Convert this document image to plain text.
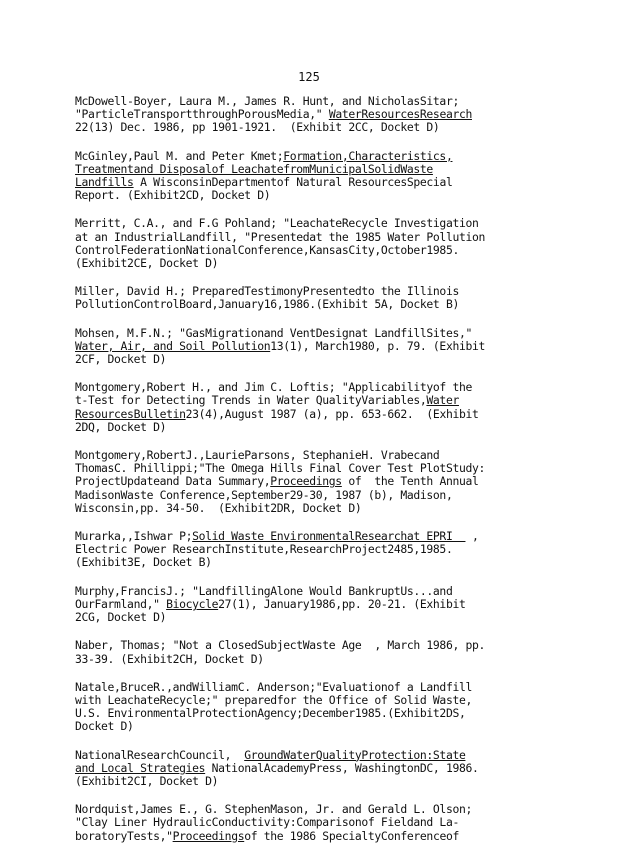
125
McDowell-Boyer, Laura M., James R. Hunt, and NicholasSitar;
"ParticleTransportthroughPorousMedia," WaterResourcesResearch
22(13) Dec. 1986, pp 1901-1921.  (Exhibit 2CC, Docket D)
McGinley,Paul M. and Peter Kmet;Formation,Characteristics,
Treatmentand Disposalof LeachatefromMunicipalSolidWaste
Landfills A WisconsinDepartmentof Natural ResourcesSpecial
Report. (Exhibit2CD, Docket D)
Merritt, C.A., and F.G Pohland; "LeachateRecycle Investigation
at an IndustrialLandfill, "Presentedat the 1985 Water Pollution
ControlFederationNationalConference,KansasCity,October1985.
(Exhibit2CE, Docket D)
Miller, David H.; PreparedTestimonyPresentedto the Illinois
PollutionControlBoard,January16,1986.(Exhibit 5A, Docket B)
Mohsen, M.F.N.; "GasMigrationand VentDesignat LandfillSites,"
Water, Air, and Soil Pollution13(1), March1980, p. 79. (Exhibit
2CF, Docket D)
Montgomery,Robert H., and Jim C. Loftis; "Applicabilityof the
t-Test for Detecting Trends in Water QualityVariables,Water
ResourcesBulletin23(4),August 1987 (a), pp. 653-662.  (Exhibit
2DQ, Docket D)
Montgomery,RobertJ.,LaurieParsons, StephanieH. Vrabecand
ThomasC. Phillippi;"The Omega Hills Final Cover Test PlotStudy:
ProjectUpdateand Data Summary,Proceedings of  the Tenth Annual
MadisonWaste Conference,September29-30, 1987 (b), Madison,
Wisconsin,pp. 34-50.  (Exhibit2DR, Docket D)
Murarka,,Ishwar P;Solid Waste EnvironmentalResearchat EPRI   ,
Electric Power ResearchInstitute,ResearchProject2485,1985.
(Exhibit3E, Docket B)
Murphy,FrancisJ.; "LandfillingAlone Would BankruptUs...and
OurFarmland," Biocycle27(1), January1986,pp. 20-21. (Exhibit
2CG, Docket D)
Naber, Thomas; "Not a ClosedSubjectWaste Age  , March 1986, pp.
33-39. (Exhibit2CH, Docket D)
Natale,BruceR.,andWilliamC. Anderson;"Evaluationof a Landfill
with LeachateRecycle;" preparedfor the Office of Solid Waste,
U.S. EnvironmentalProtectionAgency;December1985.(Exhibit2DS,
Docket D)
NationalResearchCouncil,  GroundWaterQualityProtection:State
and Local Strategies NationalAcademyPress, WashingtonDC, 1986.
(Exhibit2CI, Docket D)
Nordquist,James E., G. StephenMason, Jr. and Gerald L. Olson;
"Clay Liner HydraulicConductivity:Comparisonof Fieldand La-
boratoryTests,"Proceedingsof the 1986 SpecialtyConferenceof
